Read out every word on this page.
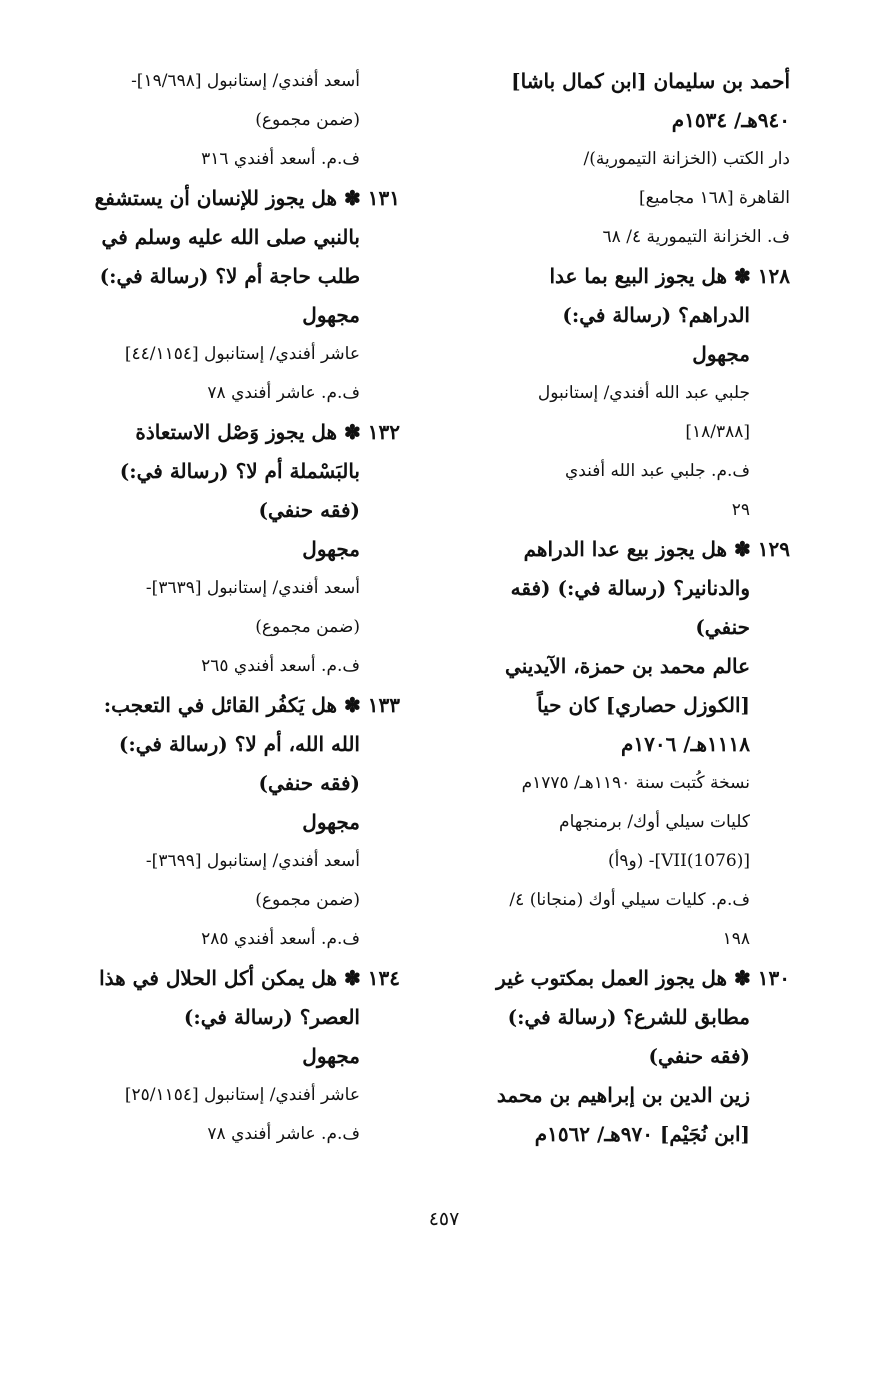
أحمد بن سليمان [ابن كمال باشا]
٩٤٠هـ/ ١٥٣٤م
دار الكتب (الخزانة التيمورية)/
القاهرة [١٦٨ مجاميع]
ف. الخزانة التيمورية ٤/ ٦٨
١٢٨ ✽ هل يجوز البيع بما عدا
الدراهم؟ (رسالة في:)
مجهول
جلبي عبد الله أفندي/ إستانبول
[١٨/٣٨٨]
ف.م. جلبي عبد الله أفندي
٢٩
١٢٩ ✽ هل يجوز بيع عدا الدراهم
والدنانير؟ (رسالة في:) (فقه
حنفي)
عالم محمد بن حمزة، الآيديني
[الكوزل حصاري] كان حياً
١١١٨هـ/ ١٧٠٦م
نسخة كُتبت سنة ١١٩٠هـ/ ١٧٧٥م
كليات سيلي أوك/ برمنجهام
[VII(1076)]- (و٩أ)
ف.م. كليات سيلي أوك (منجانا) ٤/
١٩٨
١٣٠ ✽ هل يجوز العمل بمكتوب غير
مطابق للشرع؟ (رسالة في:)
(فقه حنفي)
زين الدين بن إبراهيم بن محمد
[ابن نُجَيْم] ٩٧٠هـ/ ١٥٦٢م
أسعد أفندي/ إستانبول [١٩/٦٩٨]-
(ضمن مجموع)
ف.م. أسعد أفندي ٣١٦
١٣١ ✽ هل يجوز للإنسان أن يستشفع
بالنبي صلى الله عليه وسلم في
طلب حاجة أم لا؟ (رسالة في:)
مجهول
عاشر أفندي/ إستانبول [٤٤/١١٥٤]
ف.م. عاشر أفندي ٧٨
١٣٢ ✽ هل يجوز وَصْل الاستعاذة
بالبَسْملة أم لا؟ (رسالة في:)
(فقه حنفي)
مجهول
أسعد أفندي/ إستانبول [٣٦٣٩]-
(ضمن مجموع)
ف.م. أسعد أفندي ٢٦٥
١٣٣ ✽ هل يَكفُر القائل في التعجب:
الله الله، أم لا؟ (رسالة في:)
(فقه حنفي)
مجهول
أسعد أفندي/ إستانبول [٣٦٩٩]-
(ضمن مجموع)
ف.م. أسعد أفندي ٢٨٥
١٣٤ ✽ هل يمكن أكل الحلال في هذا
العصر؟ (رسالة في:)
مجهول
عاشر أفندي/ إستانبول [٢٥/١١٥٤]
ف.م. عاشر أفندي ٧٨
٤٥٧
